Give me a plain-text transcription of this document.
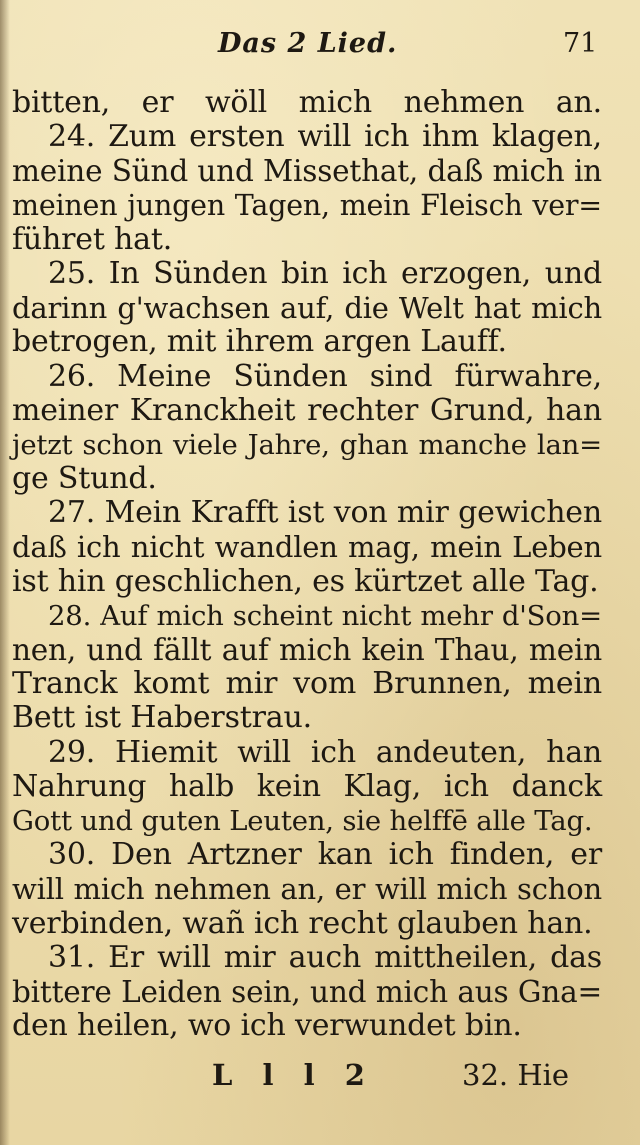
Das 2 Lied.	71
bitten, er wöll mich nehmen an.
24. Zum ersten will ich ihm klagen,
meine Sünd und Missethat, daß mich in
meinen jungen Tagen, mein Fleisch ver=
führet hat.
25. In Sünden bin ich erzogen, und
darinn g'wachsen auf, die Welt hat mich
betrogen, mit ihrem argen Lauff.
26. Meine Sünden sind fürwahre,
meiner Kranckheit rechter Grund, han
jetzt schon viele Jahre, ghan manche lan=
ge Stund.
27. Mein Krafft ist von mir gewichen
daß ich nicht wandlen mag, mein Leben
ist hin geschlichen, es kürtzet alle Tag.
28. Auf mich scheint nicht mehr d'Son=
nen, und fällt auf mich kein Thau, mein
Tranck komt mir vom Brunnen, mein
Bett ist Haberstrau.
29. Hiemit will ich andeuten, han
Nahrung halb kein Klag, ich danck
Gott und guten Leuten, sie helffē alle Tag.
30. Den Artzner kan ich finden, er
will mich nehmen an, er will mich schon
verbinden, wañ ich recht glauben han.
31. Er will mir auch mittheilen, das
bittere Leiden sein, und mich aus Gna=
den heilen, wo ich verwundet bin.
L l l 2	32. Hie
